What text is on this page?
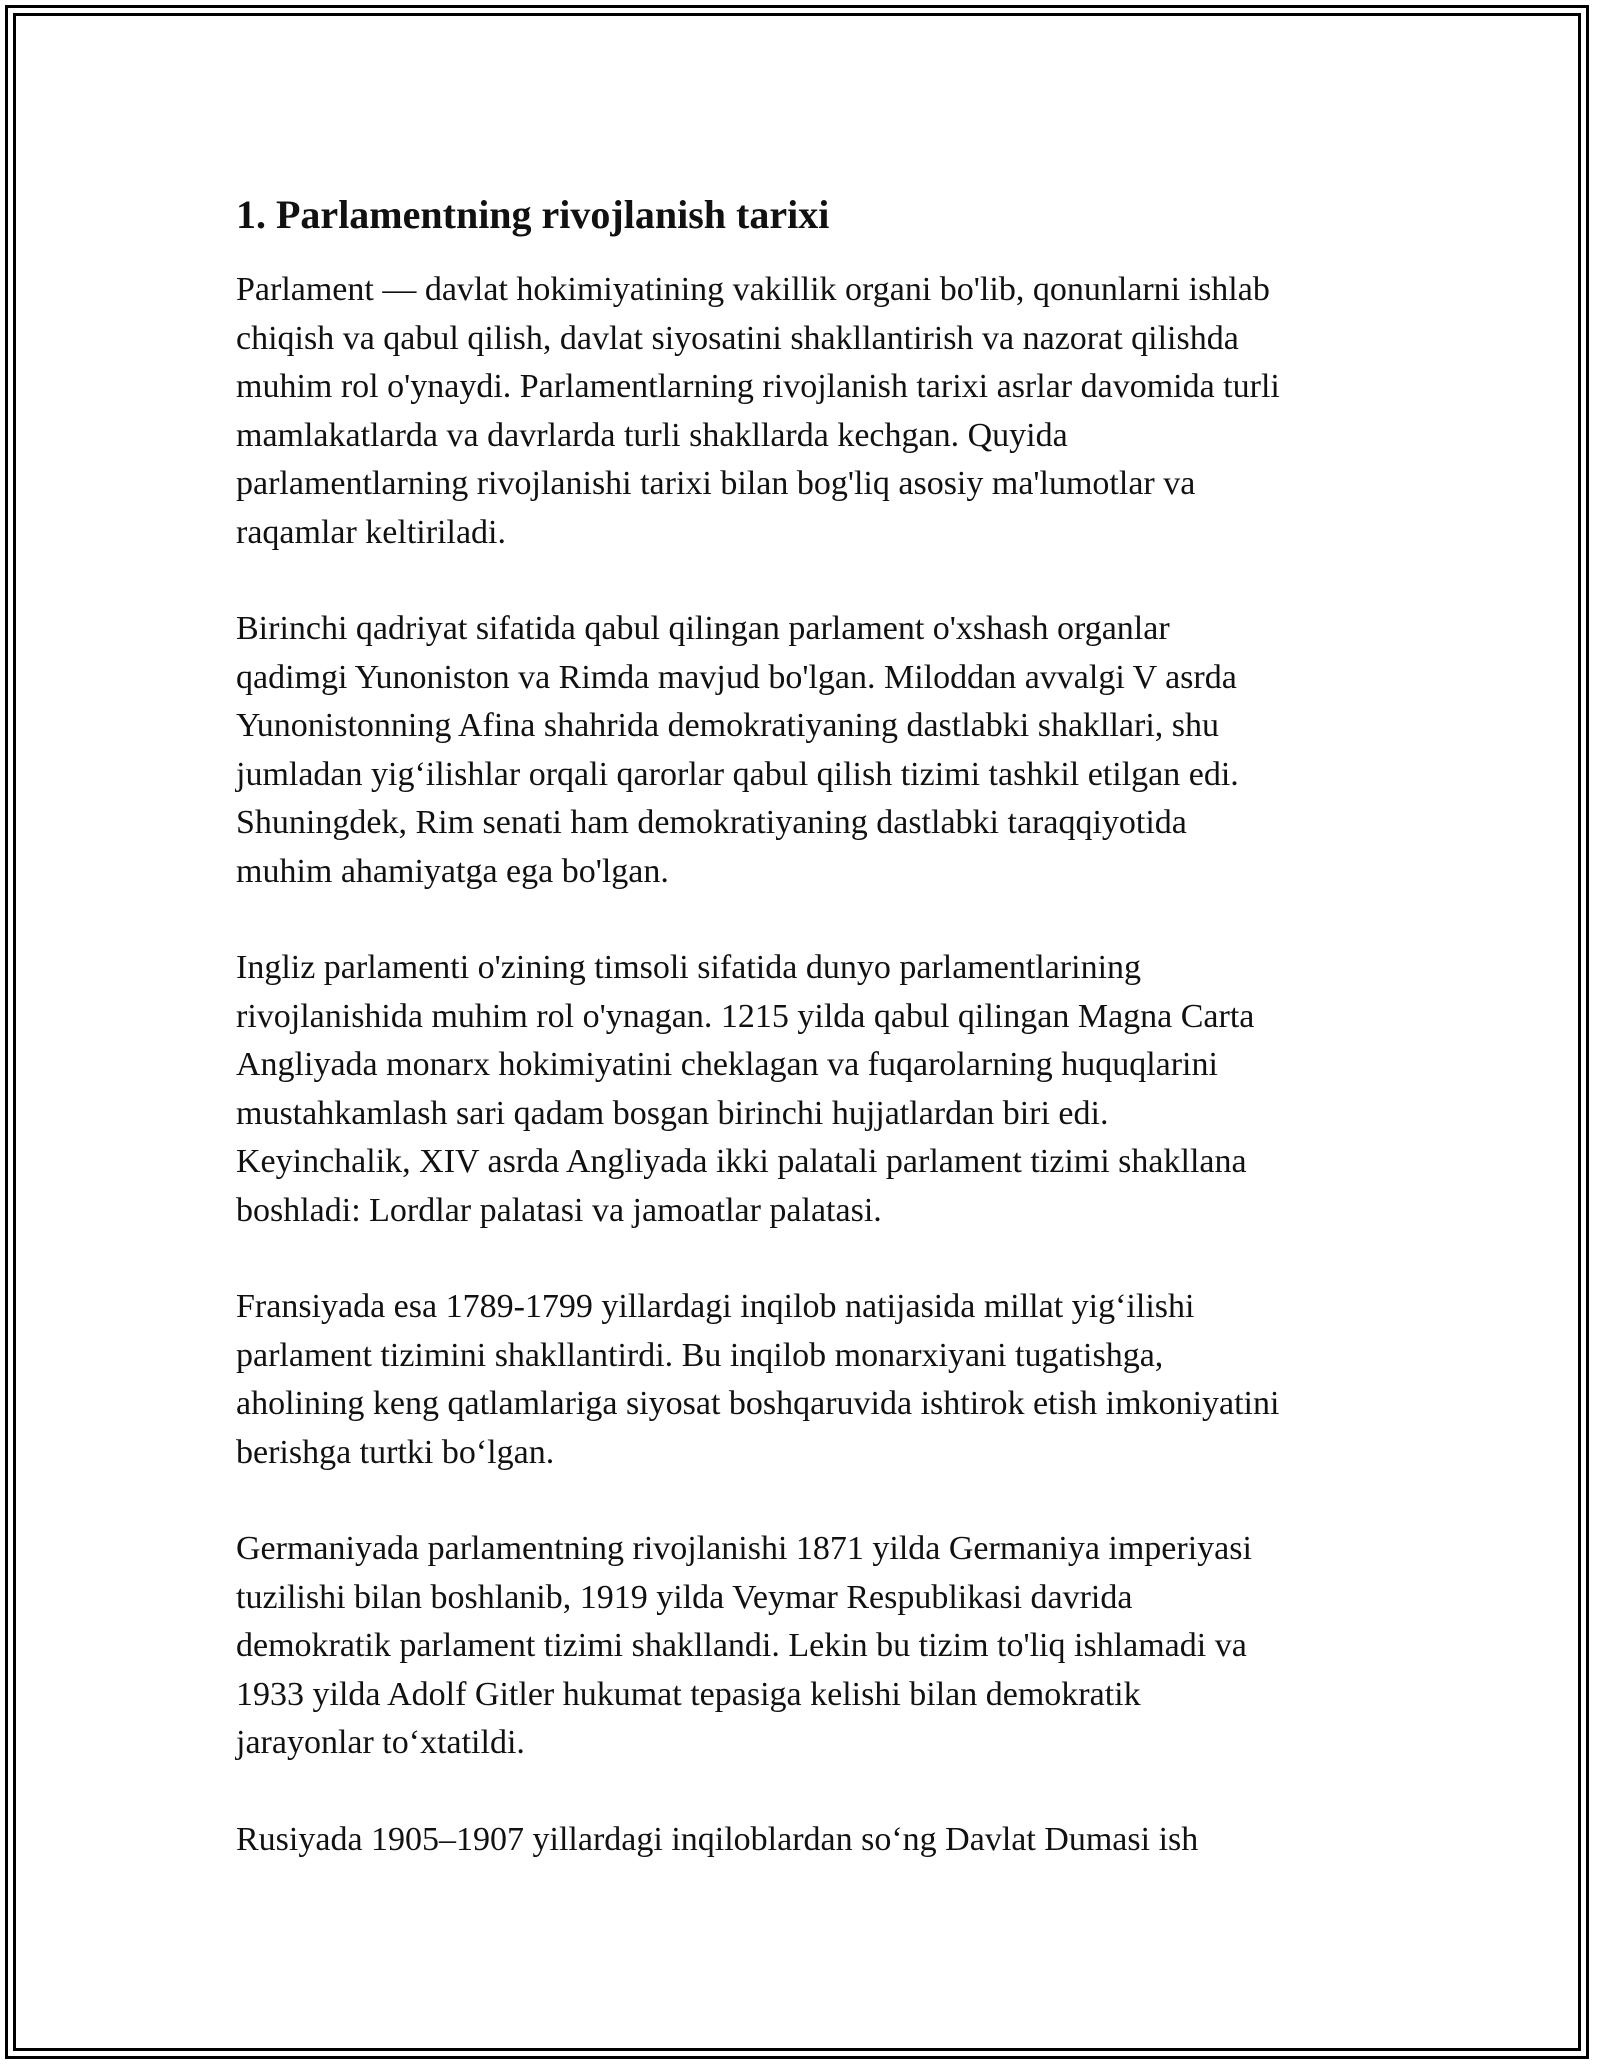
1. Parlamentning rivojlanish tarixi

Parlament — davlat hokimiyatining vakillik organi bo'lib, qonunlarni ishlab
chiqish va qabul qilish, davlat siyosatini shakllantirish va nazorat qilishda
muhim rol o'ynaydi. Parlamentlarning rivojlanish tarixi asrlar davomida turli
mamlakatlarda va davrlarda turli shakllarda kechgan. Quyida
parlamentlarning rivojlanishi tarixi bilan bog'liq asosiy ma'lumotlar va
raqamlar keltiriladi.

Birinchi qadriyat sifatida qabul qilingan parlament o'xshash organlar
qadimgi Yunoniston va Rimda mavjud bo'lgan. Miloddan avvalgi V asrda
Yunonistonning Afina shahrida demokratiyaning dastlabki shakllari, shu
jumladan yig‘ilishlar orqali qarorlar qabul qilish tizimi tashkil etilgan edi.
Shuningdek, Rim senati ham demokratiyaning dastlabki taraqqiyotida
muhim ahamiyatga ega bo'lgan.

Ingliz parlamenti o'zining timsoli sifatida dunyo parlamentlarining
rivojlanishida muhim rol o'ynagan. 1215 yilda qabul qilingan Magna Carta
Angliyada monarx hokimiyatini cheklagan va fuqarolarning huquqlarini
mustahkamlash sari qadam bosgan birinchi hujjatlardan biri edi.
Keyinchalik, XIV asrda Angliyada ikki palatali parlament tizimi shakllana
boshladi: Lordlar palatasi va jamoatlar palatasi.

Fransiyada esa 1789-1799 yillardagi inqilob natijasida millat yig‘ilishi
parlament tizimini shakllantirdi. Bu inqilob monarxiyani tugatishga,
aholining keng qatlamlariga siyosat boshqaruvida ishtirok etish imkoniyatini
berishga turtki bo‘lgan.

Germaniyada parlamentning rivojlanishi 1871 yilda Germaniya imperiyasi
tuzilishi bilan boshlanib, 1919 yilda Veymar Respublikasi davrida
demokratik parlament tizimi shakllandi. Lekin bu tizim to'liq ishlamadi va
1933 yilda Adolf Gitler hukumat tepasiga kelishi bilan demokratik
jarayonlar to‘xtatildi.

Rusiyada 1905–1907 yillardagi inqiloblardan so‘ng Davlat Dumasi ish
